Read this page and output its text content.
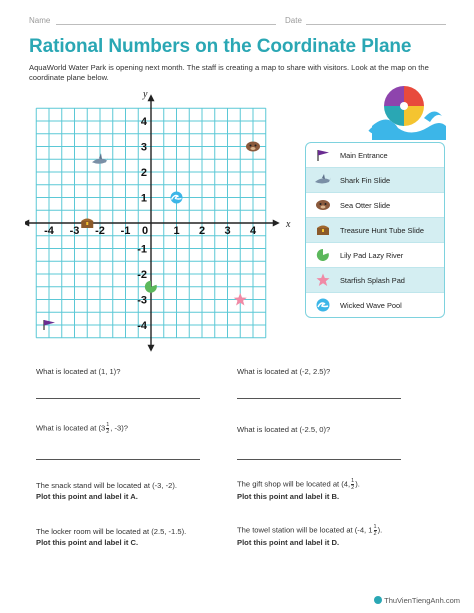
Name	Date
Rational Numbers on the Coordinate Plane
AquaWorld Water Park is opening next month. The staff is creating a map to share with visitors. Look at the map on the coordinate plane below.
-4 -3 -2 -1 0 1 2 3 4
4
3
2
1
-1
-2
-3
-4
x
y
Main Entrance
Shark Fin Slide
Sea Otter Slide
Treasure Hunt Tube Slide
Lily Pad Lazy River
Starfish Splash Pad
Wicked Wave Pool
What is located at (1, 1)?	What is located at (-2, 2.5)?
What is located at ($3 \frac{1}{2}$ , -3)?	What is located at (-2.5, 0)?
The snack stand will be located at (-3, -2).
Plot this point and label it A.
The gift shop will be located at (4, $\frac{1}{2}$ ).
Plot this point and label it B.
The locker room will be located at (2.5, -1.5).
Plot this point and label it C.
The towel station will be located at (-4, $1 \frac{1}{2}$ ).
Plot this point and label it D.
ThuVienTiengAnh.com
